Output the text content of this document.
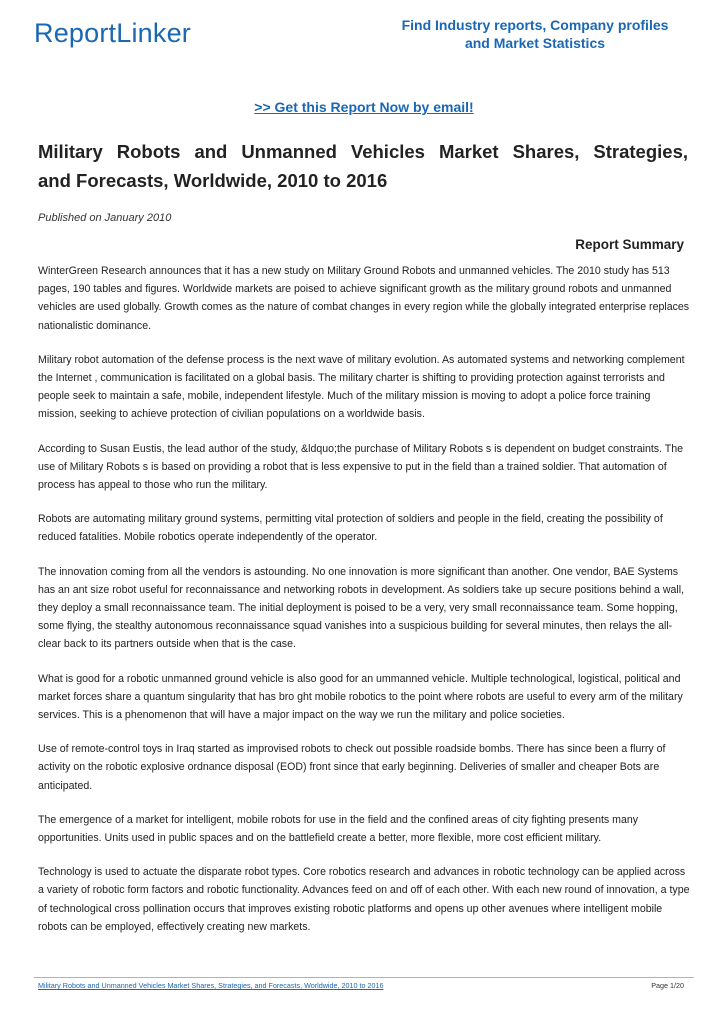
ReportLinker	Find Industry reports, Company profiles
and Market Statistics
>> Get this Report Now by email!
Military Robots and Unmanned Vehicles Market Shares, Strategies,
and Forecasts, Worldwide, 2010 to 2016
Published on January 2010
Report Summary

WinterGreen Research announces that it has a new study on Military Ground Robots and unmanned vehicles. The 2010 study has 513 pages, 190 tables and figures. Worldwide markets are poised to achieve significant growth as the military ground robots and unmanned vehicles are used globally. Growth comes as the nature of combat changes in every region while the globally integrated enterprise replaces nationalistic dominance.

Military robot automation of the defense process is the next wave of military evolution. As automated systems and networking complement the Internet , communication is facilitated on a global basis. The military charter is shifting to providing protection against terrorists and people seek to maintain a safe, mobile, independent lifestyle. Much of the military mission is moving to adopt a police force training mission, seeking to achieve protection of civilian populations on a worldwide basis.

According to Susan Eustis, the lead author of the study, &ldquo;the purchase of Military Robots s is dependent on budget constraints. The use of Military Robots s is based on providing a robot that is less expensive to put in the field than a trained soldier. That automation of process has appeal to those who run the military.

Robots are automating military ground systems, permitting vital protection of soldiers and people in the field, creating the possibility of reduced fatalities. Mobile robotics operate independently of the operator.

The innovation coming from all the vendors is astounding. No one innovation is more significant than another. One vendor, BAE Systems has an ant size robot useful for reconnaissance and networking robots in development. As soldiers take up secure positions behind a wall, they deploy a small reconnaissance team. The initial deployment is poised to be a very, very small reconnaissance team. Some hopping, some flying, the stealthy autonomous reconnaissance squad vanishes into a suspicious building for several minutes, then relays the all-clear back to its partners outside when that is the case.

What is good for a robotic unmanned ground vehicle is also good for an ummanned vehicle. Multiple technological, logistical, political and market forces share a quantum singularity that has bro ght mobile robotics to the point where robots are useful to every arm of the military services. This is a phenomenon that will have a major impact on the way we run the military and police societies.

Use of remote-control toys in Iraq started as improvised robots to check out possible roadside bombs. There has since been a flurry of activity on the robotic explosive ordnance disposal (EOD) front since that early beginning. Deliveries of smaller and cheaper Bots are anticipated.

The emergence of a market for intelligent, mobile robots for use in the field and the confined areas of city fighting presents many opportunities. Units used in public spaces and on the battlefield create a better, more flexible, more cost efficient military.

Technology is used to actuate the disparate robot types. Core robotics research and advances in robotic technology can be applied across a variety of robotic form factors and robotic functionality. Advances feed on and off of each other. With each new round of innovation, a type of technological cross pollination occurs that improves existing robotic platforms and opens up other avenues where intelligent mobile robots can be employed, effectively creating new markets.

Military Robots and Unmanned Vehicles Market Shares, Strategies, and Forecasts, Worldwide, 2010 to 2016	Page 1/20
